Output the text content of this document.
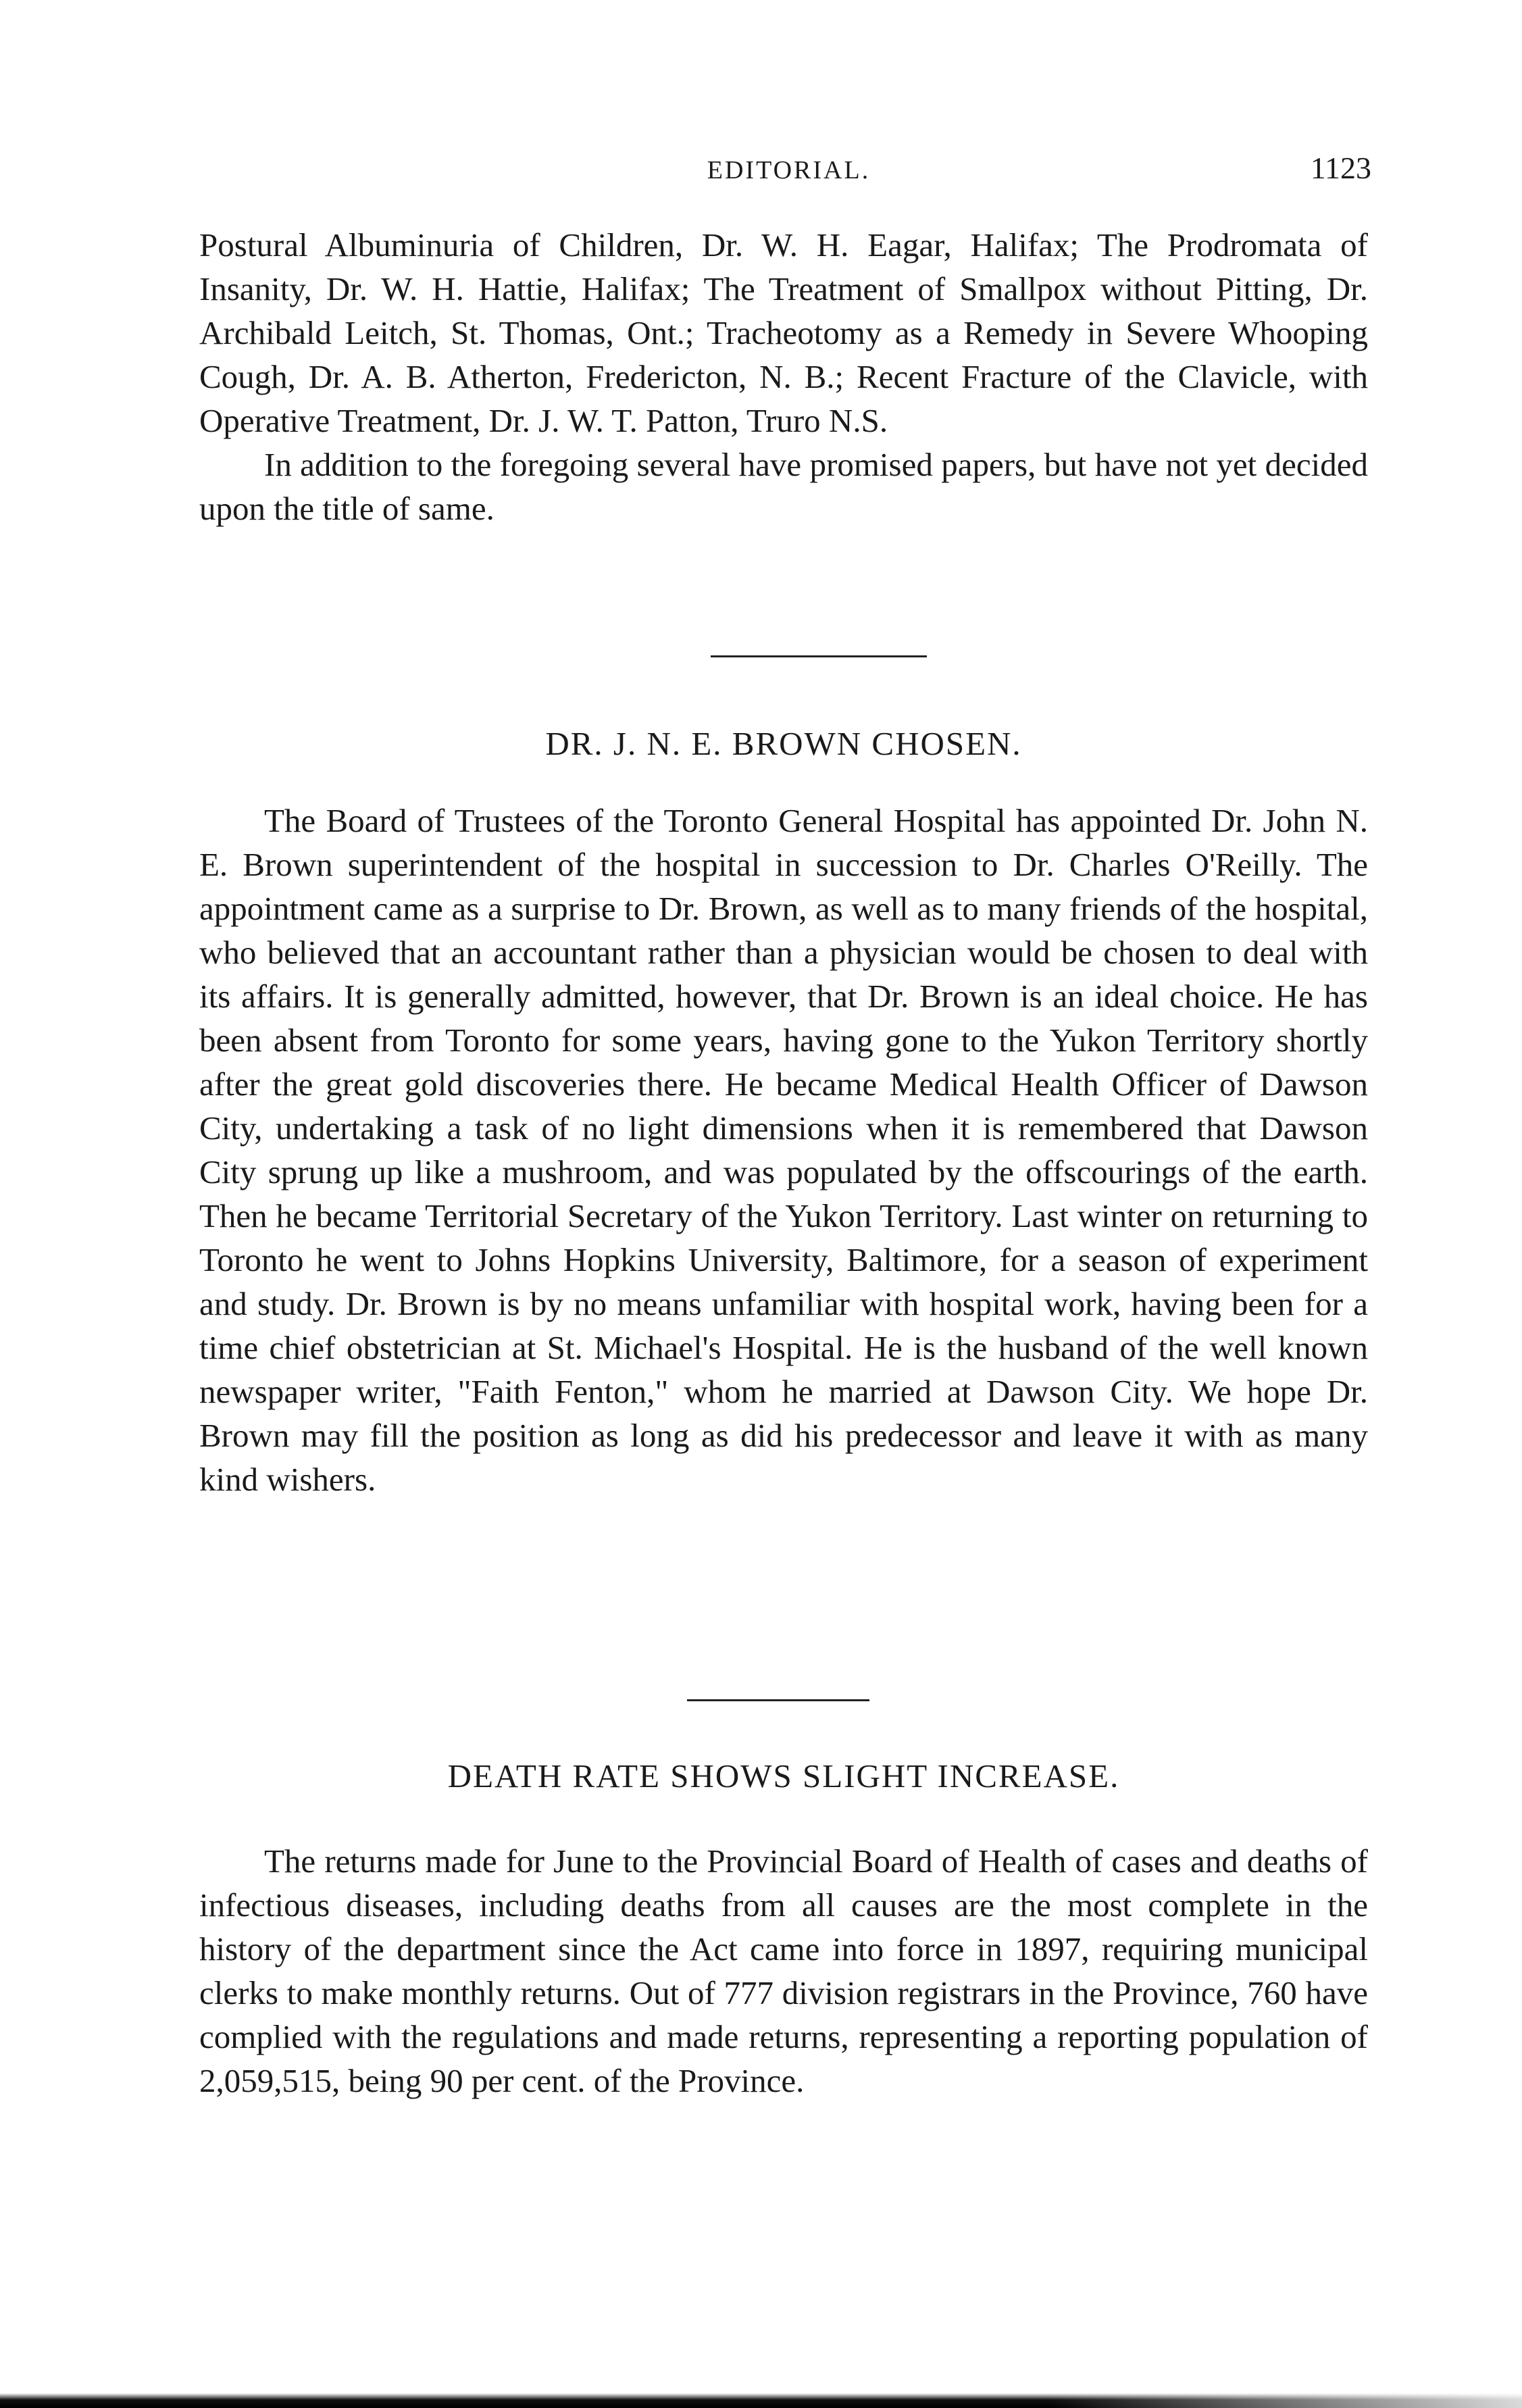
EDITORIAL.	1123

Postural Albuminuria of Children, Dr. W. H. Eagar, Halifax; The Prodromata of Insanity, Dr. W. H. Hattie, Halifax; The Treatment of Smallpox without Pitting, Dr. Archibald Leitch, St. Thomas, Ont.; Tracheotomy as a Remedy in Severe Whooping Cough, Dr. A. B. Atherton, Fredericton, N. B.; Recent Fracture of the Clavicle, with Operative Treatment, Dr. J. W. T. Patton, Truro N.S.

In addition to the foregoing several have promised papers, but have not yet decided upon the title of same.

DR. J. N. E. BROWN CHOSEN.

The Board of Trustees of the Toronto General Hospital has appointed Dr. John N. E. Brown superintendent of the hospital in succession to Dr. Charles O'Reilly. The appointment came as a surprise to Dr. Brown, as well as to many friends of the hospital, who believed that an accountant rather than a physician would be chosen to deal with its affairs. It is generally admitted, however, that Dr. Brown is an ideal choice. He has been absent from Toronto for some years, having gone to the Yukon Territory shortly after the great gold discoveries there. He became Medical Health Officer of Dawson City, undertaking a task of no light dimensions when it is remembered that Dawson City sprung up like a mushroom, and was populated by the offscourings of the earth. Then he became Territorial Secretary of the Yukon Territory. Last winter on returning to Toronto he went to Johns Hopkins University, Baltimore, for a season of experiment and study. Dr. Brown is by no means unfamiliar with hospital work, having been for a time chief obstetrician at St. Michael's Hospital. He is the husband of the well known newspaper writer, "Faith Fenton," whom he married at Dawson City. We hope Dr. Brown may fill the position as long as did his predecessor and leave it with as many kind wishers.

DEATH RATE SHOWS SLIGHT INCREASE.

The returns made for June to the Provincial Board of Health of cases and deaths of infectious diseases, including deaths from all causes are the most complete in the history of the department since the Act came into force in 1897, requiring municipal clerks to make monthly returns. Out of 777 division registrars in the Province, 760 have complied with the regulations and made returns, representing a reporting population of 2,059,515, being 90 per cent. of the Province.
